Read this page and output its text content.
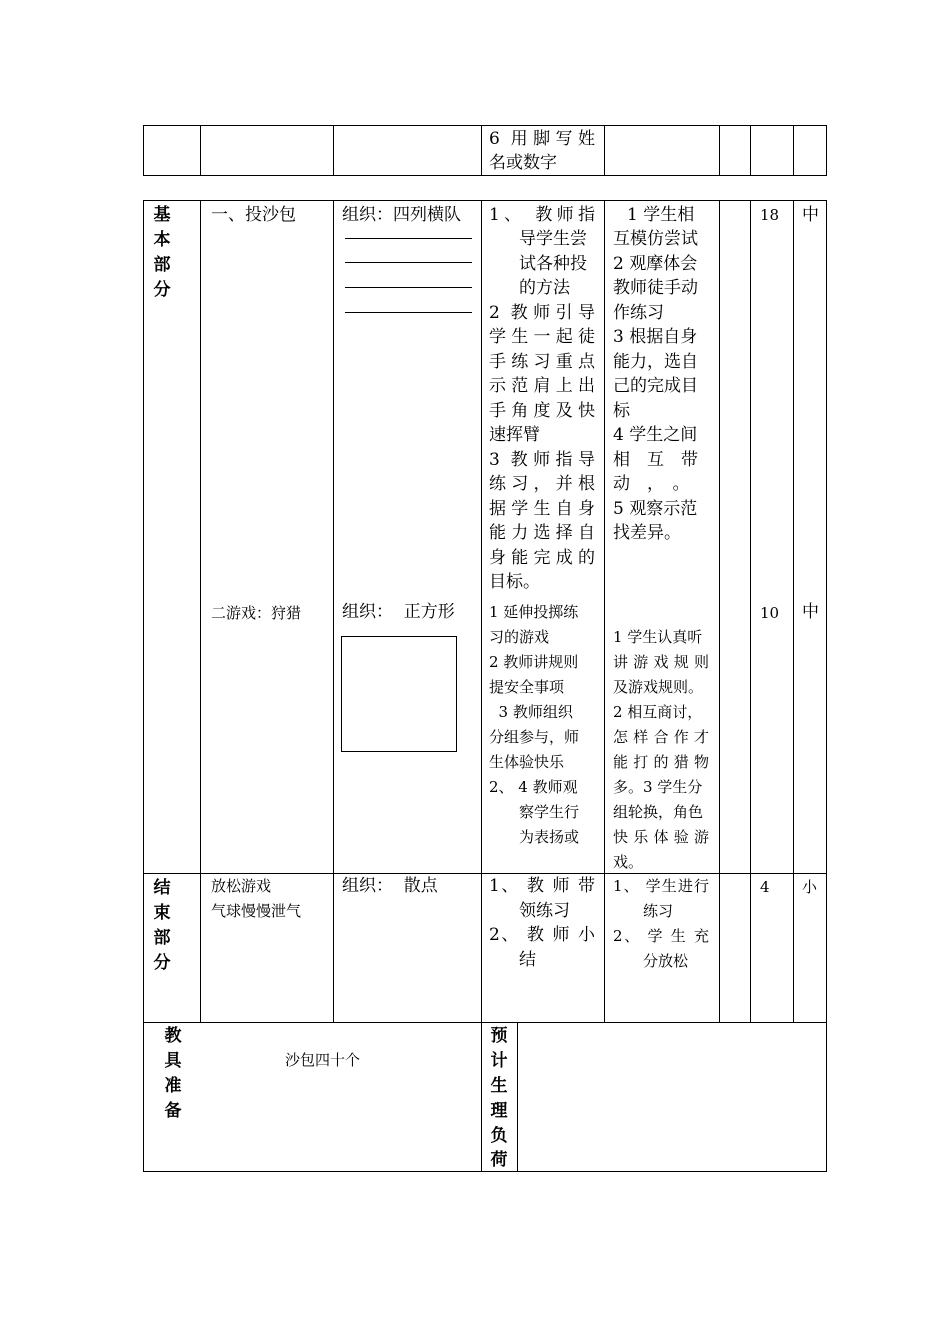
6 用脚写姓
名或数字
基
本
部
分
一、投沙包	组织：四列横队 1、 教师指
导学生尝
试各种投
的方法
2 教师引导
学生一起徒
手练习重点
示范肩上出
手角度及快
速挥臂
3 教师指导
练习，并根
据学生自身
能力选择自
身能完成的
目标。
1 学生相
互模仿尝试
2 观摩体会
教师徒手动
作练习
3 根据自身
能力，选自
己的完成目
标
4 学生之间
相　互　带
动　，　。
5 观察示范
找差异。
18 中
二游戏：狩猎 组织：  正方形 1 延伸投掷练
习的游戏
2 教师讲规则
提安全事项
3 教师组织
分组参与，师
生体验快乐
2、 4 教师观
察学生行
为表扬或
1 学生认真听
讲游戏规则
及游戏规则。
2 相互商讨，
怎样合作才
能打的猎物
多。3 学生分
组轮换，角色
快乐体验游
戏。
10 中
结
束
部
分
放松游戏
气球慢慢泄气
组织：  散点	1、 教 师 带
领练习
2、 教 师 小
结
1、 学生进行
练习
2、 学 生 充
分放松
4 小
教
具
准
备
沙包四十个
预
计
生
理
负
荷
